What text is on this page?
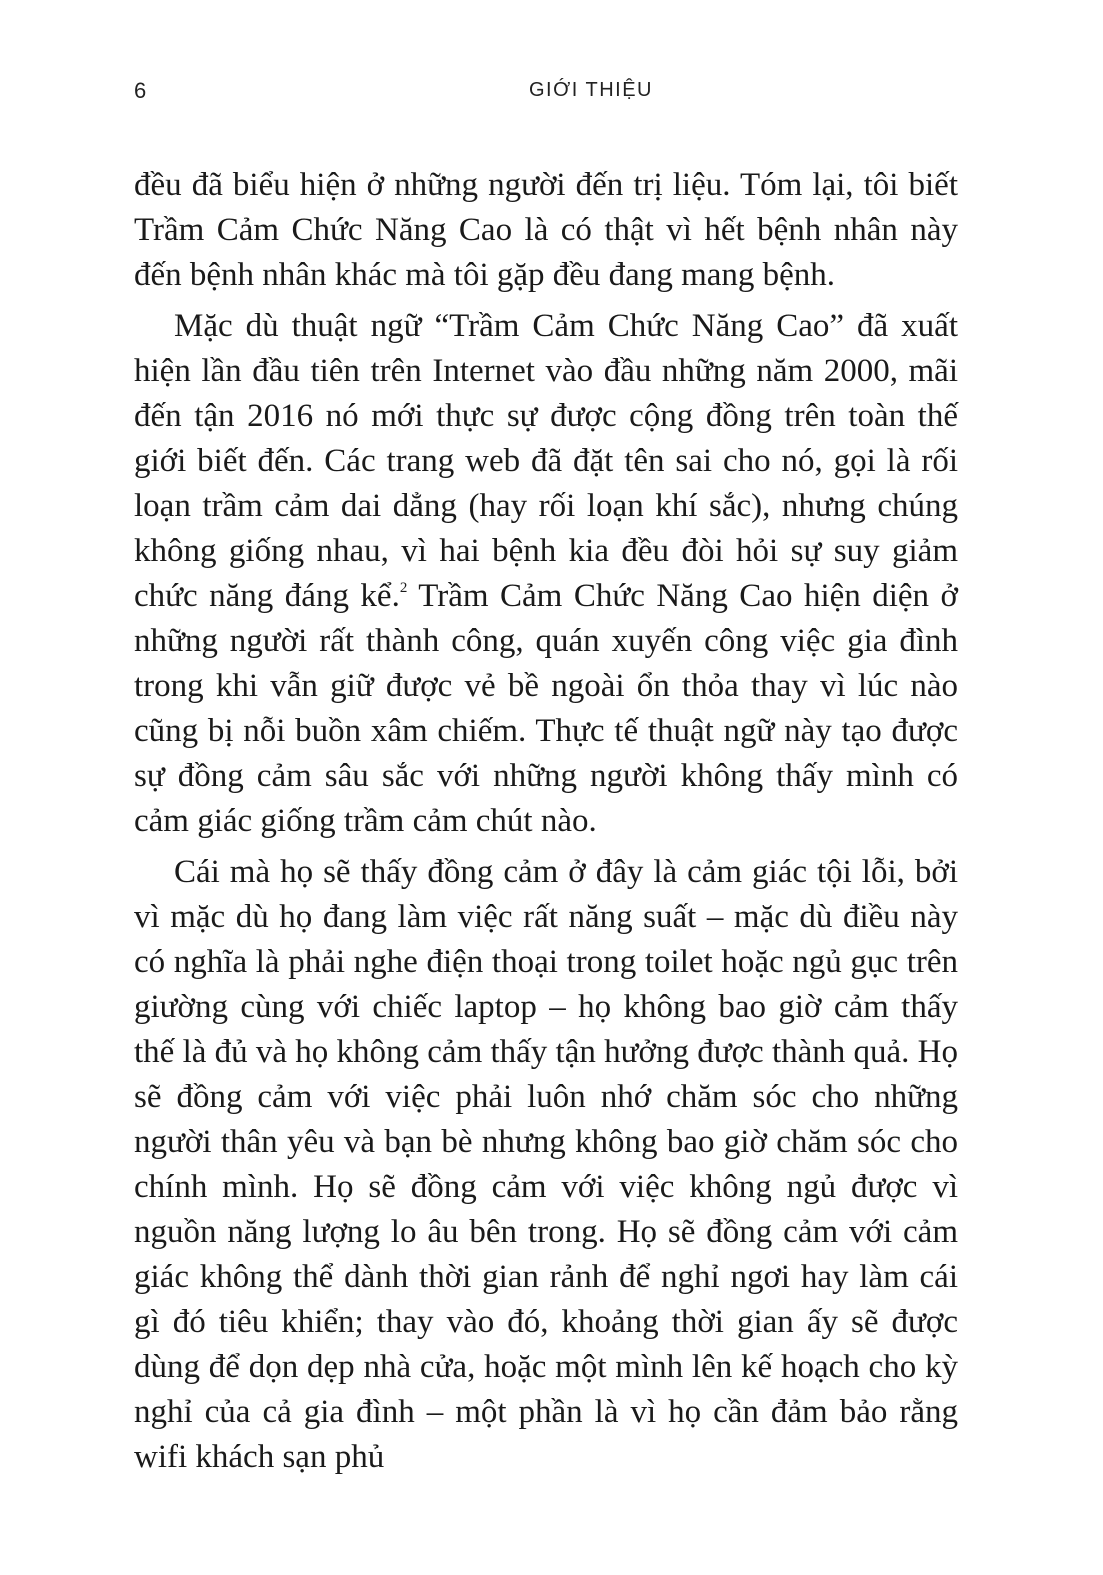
6	GIỚI THIỆU

đều đã biểu hiện ở những người đến trị liệu. Tóm lại, tôi biết Trầm Cảm Chức Năng Cao là có thật vì hết bệnh nhân này đến bệnh nhân khác mà tôi gặp đều đang mang bệnh.

Mặc dù thuật ngữ “Trầm Cảm Chức Năng Cao” đã xuất hiện lần đầu tiên trên Internet vào đầu những năm 2000, mãi đến tận 2016 nó mới thực sự được cộng đồng trên toàn thế giới biết đến. Các trang web đã đặt tên sai cho nó, gọi là rối loạn trầm cảm dai dẳng (hay rối loạn khí sắc), nhưng chúng không giống nhau, vì hai bệnh kia đều đòi hỏi sự suy giảm chức năng đáng kể.$^2$ Trầm Cảm Chức Năng Cao hiện diện ở những người rất thành công, quán xuyến công việc gia đình trong khi vẫn giữ được vẻ bề ngoài ổn thỏa thay vì lúc nào cũng bị nỗi buồn xâm chiếm. Thực tế thuật ngữ này tạo được sự đồng cảm sâu sắc với những người không thấy mình có cảm giác giống trầm cảm chút nào.

Cái mà họ sẽ thấy đồng cảm ở đây là cảm giác tội lỗi, bởi vì mặc dù họ đang làm việc rất năng suất – mặc dù điều này có nghĩa là phải nghe điện thoại trong toilet hoặc ngủ gục trên giường cùng với chiếc laptop – họ không bao giờ cảm thấy thế là đủ và họ không cảm thấy tận hưởng được thành quả. Họ sẽ đồng cảm với việc phải luôn nhớ chăm sóc cho những người thân yêu và bạn bè nhưng không bao giờ chăm sóc cho chính mình. Họ sẽ đồng cảm với việc không ngủ được vì nguồn năng lượng lo âu bên trong. Họ sẽ đồng cảm với cảm giác không thể dành thời gian rảnh để nghỉ ngơi hay làm cái gì đó tiêu khiển; thay vào đó, khoảng thời gian ấy sẽ được dùng để dọn dẹp nhà cửa, hoặc một mình lên kế hoạch cho kỳ nghỉ của cả gia đình – một phần là vì họ cần đảm bảo rằng wifi khách sạn phủ
